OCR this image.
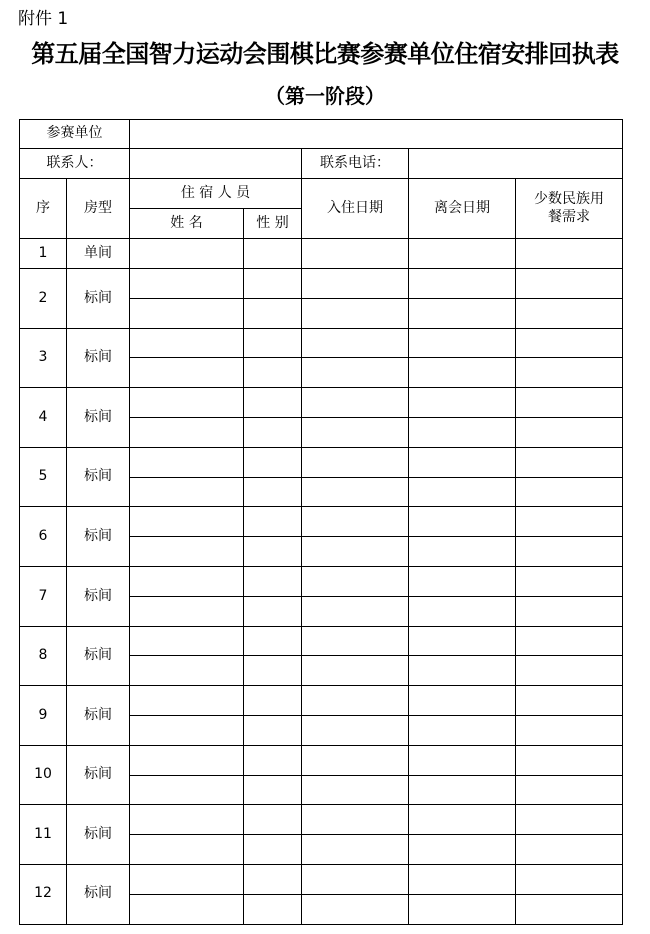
附件 1
第五届全国智力运动会围棋比赛参赛单位住宿安排回执表
（第一阶段）
参赛单位						
联系人：				联系电话：		
序	房型	住 宿 人 员		入住日期	离会日期	少数民族用餐需求
		姓 名	性 别			
1	单间					
2	标间					

3	标间					

4	标间					

5	标间					

6	标间					

7	标间					

8	标间					

9	标间					

10	标间					

11	标间					

12	标间					
